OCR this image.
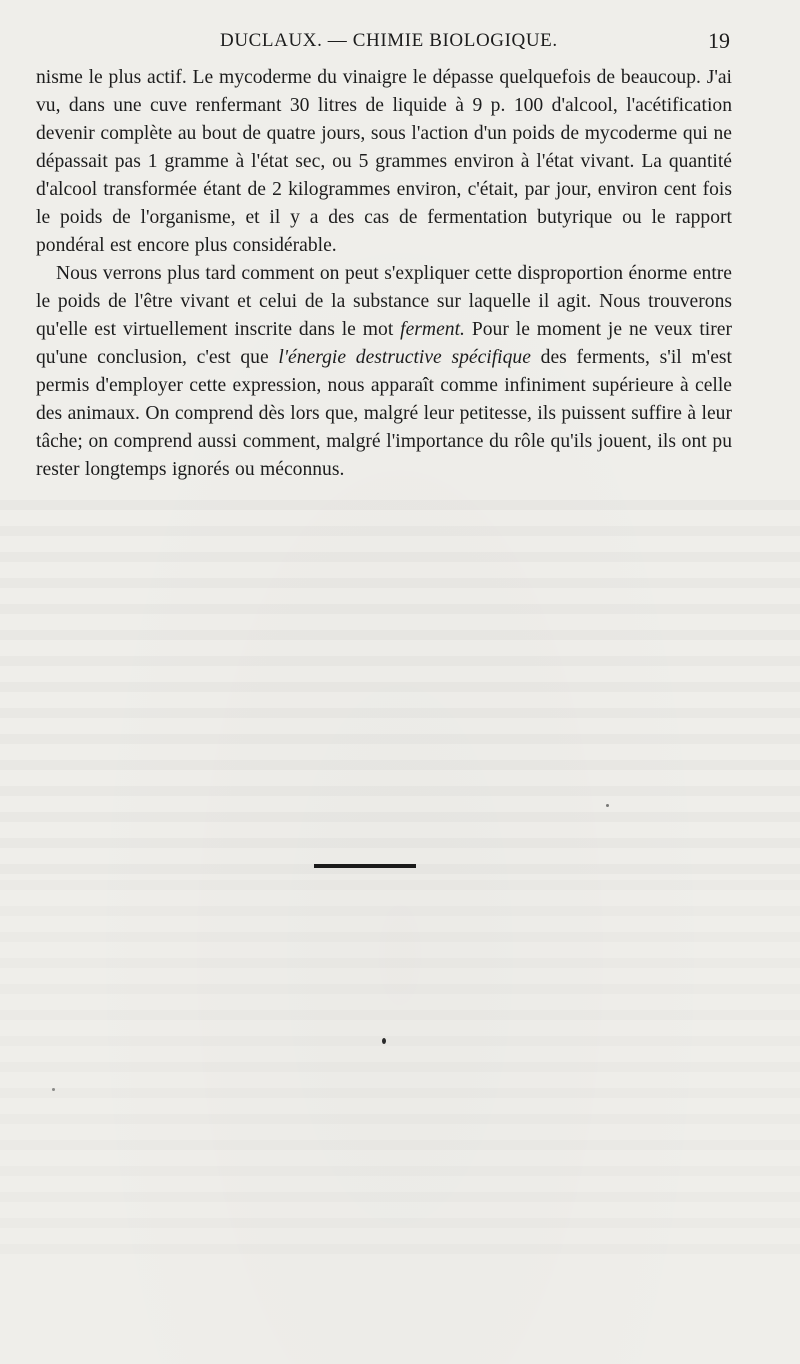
DUCLAUX. — CHIMIE BIOLOGIQUE.	19

nisme le plus actif. Le mycoderme du vinaigre le dépasse quelquefois de beaucoup. J'ai vu, dans une cuve renfermant 30 litres de liquide à 9 p. 100 d'alcool, l'acétification devenir complète au bout de quatre jours, sous l'action d'un poids de mycoderme qui ne dépassait pas 1 gramme à l'état sec, ou 5 grammes environ à l'état vivant. La quantité d'alcool transformée étant de 2 kilogrammes environ, c'était, par jour, environ cent fois le poids de l'organisme, et il y a des cas de fermentation butyrique ou le rapport pondéral est encore plus considérable.

Nous verrons plus tard comment on peut s'expliquer cette disproportion énorme entre le poids de l'être vivant et celui de la substance sur laquelle il agit. Nous trouverons qu'elle est virtuellement inscrite dans le mot ferment. Pour le moment je ne veux tirer qu'une conclusion, c'est que l'énergie destructive spécifique des ferments, s'il m'est permis d'employer cette expression, nous apparaît comme infiniment supérieure à celle des animaux. On comprend dès lors que, malgré leur petitesse, ils puissent suffire à leur tâche; on comprend aussi comment, malgré l'importance du rôle qu'ils jouent, ils ont pu rester longtemps ignorés ou méconnus.
